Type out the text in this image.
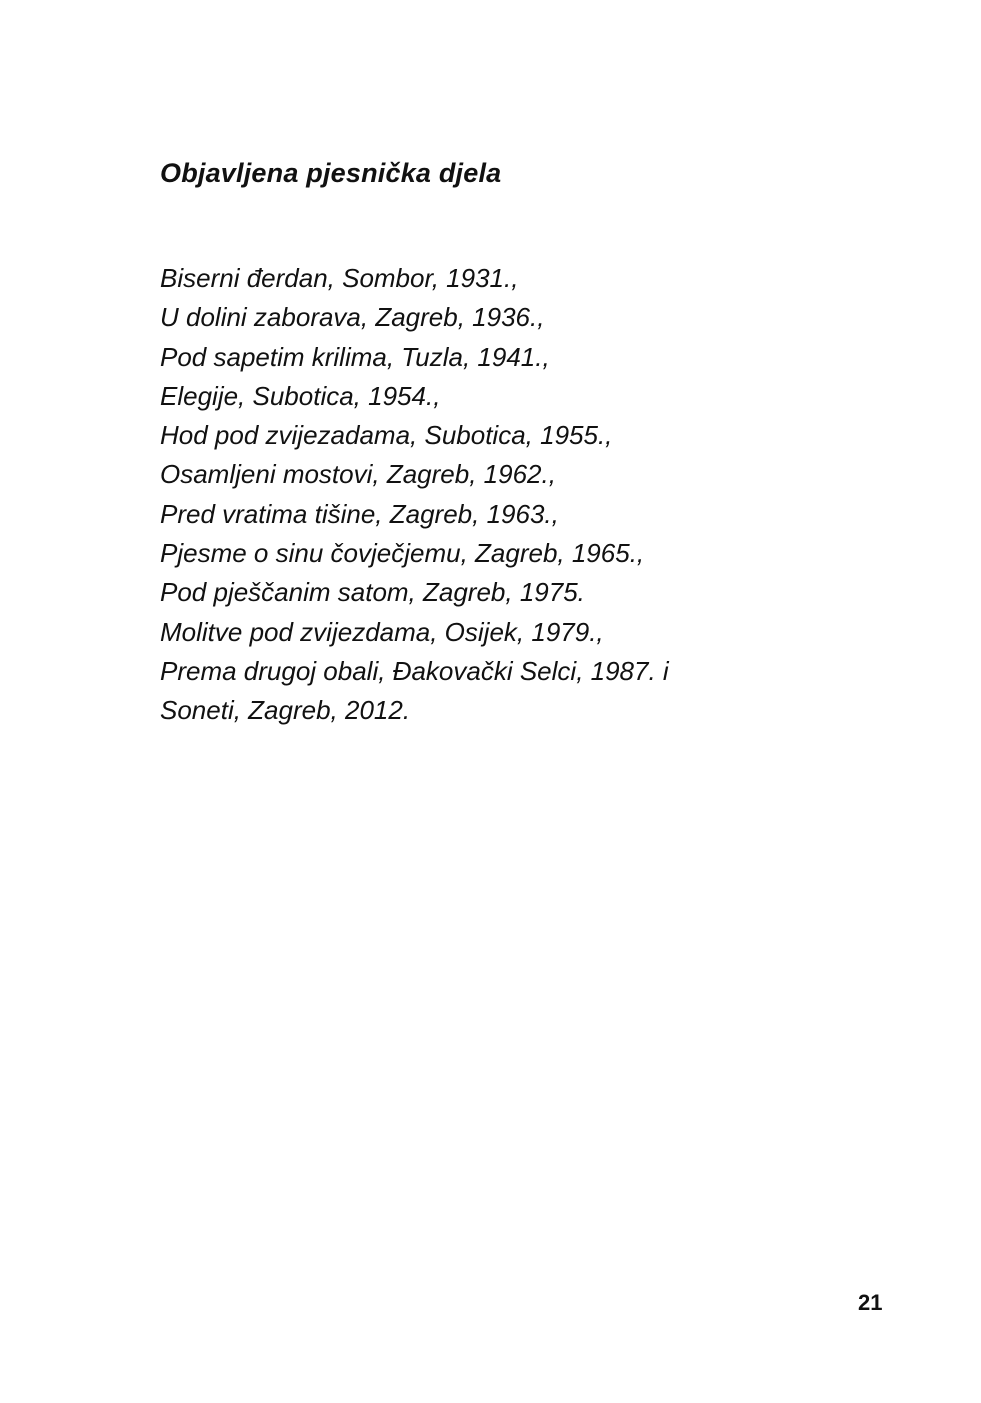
Objavljena pjesnička djela
Biserni đerdan, Sombor, 1931.,
U dolini zaborava, Zagreb, 1936.,
Pod sapetim krilima, Tuzla, 1941.,
Elegije, Subotica, 1954.,
Hod pod zvijezadama, Subotica, 1955.,
Osamljeni mostovi, Zagreb, 1962.,
Pred vratima tišine, Zagreb, 1963.,
Pjesme o sinu čovječjemu, Zagreb, 1965.,
Pod pješčanim satom, Zagreb, 1975.
Molitve pod zvijezdama, Osijek, 1979.,
Prema drugoj obali, Đakovački Selci, 1987. i
Soneti, Zagreb, 2012.
21
